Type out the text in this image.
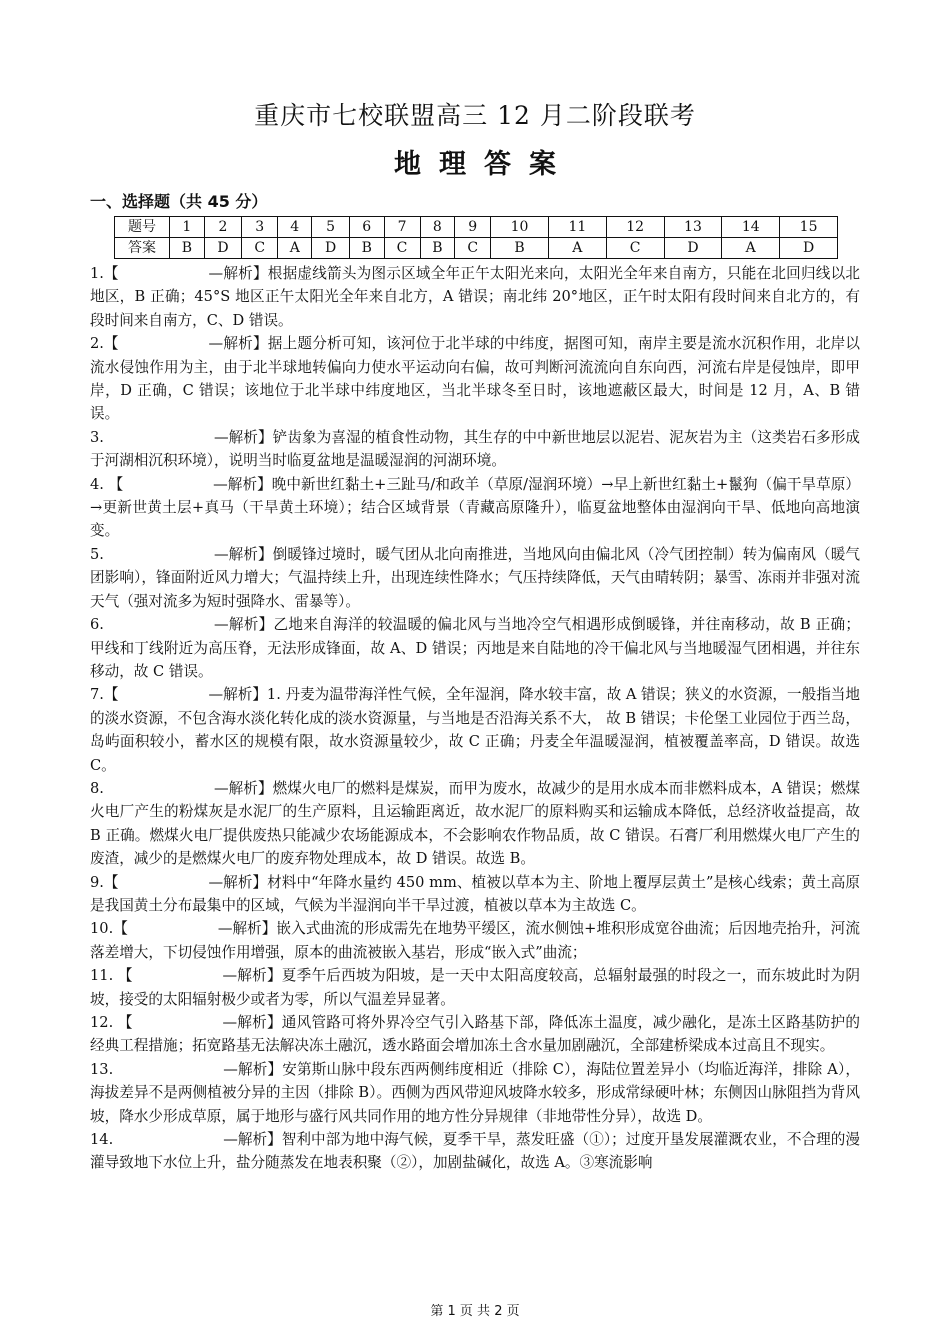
重庆市七校联盟高三 12 月二阶段联考
地理答案
一、选择题（共 45 分）
题号	1	2	3	4	5	6	7	8	9	10	11	12	13	14	15
答案	B	D	C	A	D	B	C	B	C	B	A	C	D	A	D
1.【	—解析】根据虚线箭头为图示区域全年正午太阳光来向，太阳光全年来自南方，只能在北回归线以北地区，B 正确；45°S 地区正午太阳光全年来自北方，A 错误；南北纬 20°地区，正午时太阳有段时间来自北方的，有段时间来自南方，C、D 错误。
2.【	—解析】据上题分析可知，该河位于北半球的中纬度，据图可知，南岸主要是流水沉积作用，北岸以流水侵蚀作用为主，由于北半球地转偏向力使水平运动向右偏，故可判断河流流向自东向西，河流右岸是侵蚀岸，即甲岸，D 正确，C 错误；该地位于北半球中纬度地区，当北半球冬至日时，该地遮蔽区最大，时间是 12 月，A、B 错误。
3.	—解析】铲齿象为喜湿的植食性动物，其生存的中中新世地层以泥岩、泥灰岩为主（这类岩石多形成于河湖相沉积环境），说明当时临夏盆地是温暖湿润的河湖环境。
4. 【	—解析】晚中新世红黏土+三趾马/和政羊（草原/湿润环境）→早上新世红黏土+鬣狗（偏干旱草原）→更新世黄土层+真马（干旱黄土环境）；结合区域背景（青藏高原隆升），临夏盆地整体由湿润向干旱、低地向高地演变。
5.	—解析】倒暖锋过境时，暖气团从北向南推进，当地风向由偏北风（冷气团控制）转为偏南风（暖气团影响），锋面附近风力增大；气温持续上升，出现连续性降水；气压持续降低，天气由晴转阴；暴雪、冻雨并非强对流天气（强对流多为短时强降水、雷暴等）。
6.	—解析】乙地来自海洋的较温暖的偏北风与当地冷空气相遇形成倒暖锋，并往南移动，故 B 正确；甲线和丁线附近为高压脊，无法形成锋面，故 A、D 错误；丙地是来自陆地的冷干偏北风与当地暖湿气团相遇，并往东移动，故 C 错误。
7.【	—解析】1. 丹麦为温带海洋性气候，全年湿润，降水较丰富，故 A 错误；狭义的水资源，一般指当地的淡水资源，不包含海水淡化转化成的淡水资源量，与当地是否沿海关系不大， 故 B 错误；卡伦堡工业园位于西兰岛，岛屿面积较小，蓄水区的规模有限，故水资源量较少，故 C 正确；丹麦全年温暖湿润，植被覆盖率高，D 错误。故选 C。
8.	—解析】燃煤火电厂的燃料是煤炭，而甲为废水，故减少的是用水成本而非燃料成本，A 错误；燃煤火电厂产生的粉煤灰是水泥厂的生产原料，且运输距离近，故水泥厂的原料购买和运输成本降低，总经济收益提高，故 B 正确。燃煤火电厂提供废热只能减少农场能源成本，不会影响农作物品质，故 C 错误。石膏厂利用燃煤火电厂产生的废渣，减少的是燃煤火电厂的废弃物处理成本，故 D 错误。故选 B。
9.【	—解析】材料中“年降水量约 450 mm、植被以草本为主、阶地上覆厚层黄土”是核心线索；黄土高原是我国黄土分布最集中的区域，气候为半湿润向半干旱过渡，植被以草本为主故选 C。
10.【	—解析】嵌入式曲流的形成需先在地势平缓区，流水侧蚀+堆积形成宽谷曲流；后因地壳抬升，河流落差增大，下切侵蚀作用增强，原本的曲流被嵌入基岩，形成“嵌入式”曲流；
11. 【	—解析】夏季午后西坡为阳坡，是一天中太阳高度较高，总辐射最强的时段之一，而东坡此时为阴坡，接受的太阳辐射极少或者为零，所以气温差异显著。
12. 【	—解析】通风管路可将外界冷空气引入路基下部，降低冻土温度，减少融化，是冻土区路基防护的经典工程措施；拓宽路基无法解决冻土融沉，透水路面会增加冻土含水量加剧融沉，全部建桥梁成本过高且不现实。
13.	—解析】安第斯山脉中段东西两侧纬度相近（排除 C），海陆位置差异小（均临近海洋，排除 A），海拔差异不是两侧植被分异的主因（排除 B）。西侧为西风带迎风坡降水较多，形成常绿硬叶林；东侧因山脉阻挡为背风坡，降水少形成草原，属于地形与盛行风共同作用的地方性分异规律（非地带性分异），故选 D。
14.	—解析】智利中部为地中海气候，夏季干旱，蒸发旺盛（①）；过度开垦发展灌溉农业，不合理的漫灌导致地下水位上升，盐分随蒸发在地表积聚（②），加剧盐碱化，故选 A。③寒流影响
第 1 页 共 2 页
